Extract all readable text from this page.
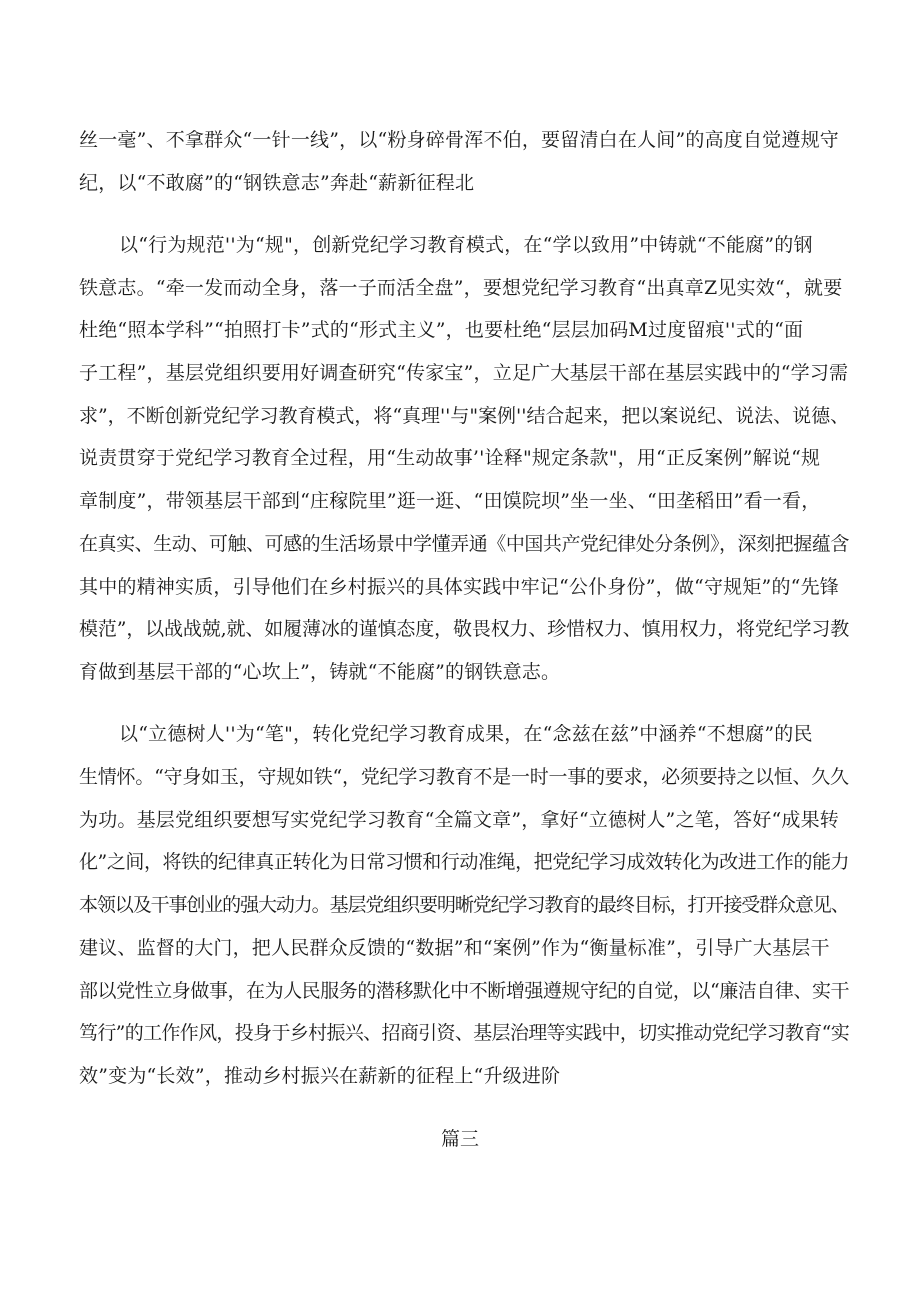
丝一毫”、不拿群众“一针一线”，以“粉身碎骨浑不伯，要留清白在人间”的高度自觉遵规守
纪，以“不敢腐”的“钢铁意志”奔赴“薪新征程北
以“行为规范''为“规"，创新党纪学习教育模式，在“学以致用”中铸就“不能腐”的钢
铁意志。“牵一发而动全身，落一子而活全盘”，要想党纪学习教育“出真章Z见实效“，就要
杜绝“照本学科”“拍照打卡”式的“形式主义”，也要杜绝“层层加码M过度留痕''式的“面
子工程”，基层党组织要用好调查研究“传家宝”，立足广大基层干部在基层实践中的“学习需
求”，不断创新党纪学习教育模式，将“真理''与"案例''结合起来，把以案说纪、说法、说德、
说责贯穿于党纪学习教育全过程，用“生动故事’'诠释"规定条款"，用“正反案例”解说“规
章制度”，带领基层干部到“庄稼院里”逛一逛、“田馍院坝”坐一坐、“田垄稻田”看一看，
在真实、生动、可触、可感的生活场景中学懂弄通《中国共产党纪律处分条例》，深刻把握蕴含
其中的精神实质，引导他们在乡村振兴的具体实践中牢记“公仆身份”，做“守规矩”的“先锋
模范”，以战战兢,就、如履薄冰的谨慎态度，敬畏权力、珍惜权力、慎用权力，将党纪学习教
育做到基层干部的“心坎上”，铸就“不能腐”的钢铁意志。
以“立德树人''为“笔"，转化党纪学习教育成果，在“念兹在兹”中涵养“不想腐”的民
生情怀。“守身如玉，守规如铁“，党纪学习教育不是一时一事的要求，必须要持之以恒、久久
为功。基层党组织要想写实党纪学习教育“全篇文章”，拿好“立德树人”之笔，答好“成果转
化”之间，将铁的纪律真正转化为日常习惯和行动准绳，把党纪学习成效转化为改进工作的能力
本领以及干事创业的强大动力。基层党组织要明晰党纪学习教育的最终目标，打开接受群众意见、
建议、监督的大门，把人民群众反馈的“数据”和“案例”作为“衡量标准”，引导广大基层干
部以党性立身做事，在为人民服务的潜移默化中不断增强遵规守纪的自觉，以“廉洁自律、实干
笃行”的工作作风，投身于乡村振兴、招商引资、基层治理等实践中，切实推动党纪学习教育“实
效”变为“长效”，推动乡村振兴在薪新的征程上“升级进阶
篇三
